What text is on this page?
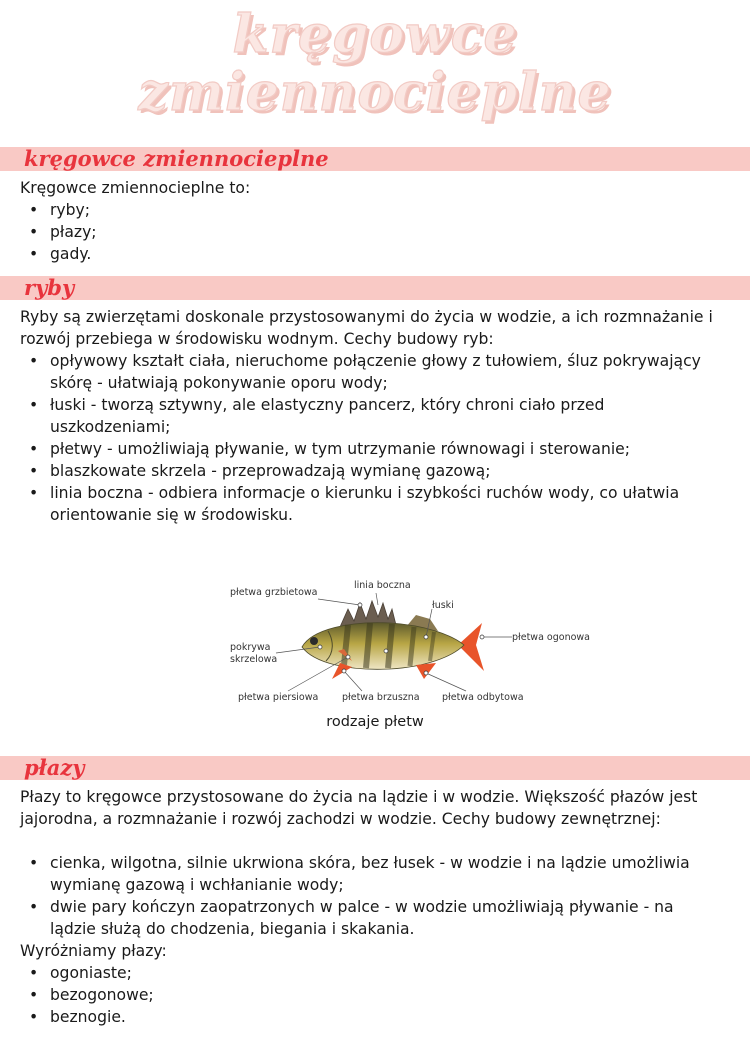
kręgowce
zmiennocieplne
kręgowce zmiennocieplne

Kręgowce zmiennocieplne to:

• ryby;
• płazy;
• gady.
ryby

Ryby są zwierzętami doskonale przystosowanymi do życia w wodzie, a ich rozmnażanie i rozwój przebiega w środowisku wodnym. Cechy budowy ryb:

• opływowy kształt ciała, nieruchome połączenie głowy z tułowiem, śluz pokrywający skórę - ułatwiają pokonywanie oporu wody;
• łuski - tworzą sztywny, ale elastyczny pancerz, który chroni ciało przed uszkodzeniami;
• płetwy - umożliwiają pływanie, w tym utrzymanie równowagi i sterowanie;
• blaszkowate skrzela - przeprowadzają wymianę gazową;
• linia boczna - odbiera informacje o kierunku i szybkości ruchów wody, co ułatwia orientowanie się w środowisku.
płetwa grzbietowa
linia boczna
łuski
płetwa ogonowa
pokrywa
skrzelowa
płetwa piersiowa płetwa brzuszna płetwa odbytowa
rodzaje płetw
płazy

Płazy to kręgowce przystosowane do życia na lądzie i w wodzie. Większość płazów jest jajorodna, a rozmnażanie i rozwój zachodzi w wodzie. Cechy budowy zewnętrznej:

• cienka, wilgotna, silnie ukrwiona skóra, bez łusek - w wodzie i na lądzie umożliwia wymianę gazową i wchłanianie wody;
• dwie pary kończyn zaopatrzonych w palce - w wodzie umożliwiają pływanie - na lądzie służą do chodzenia, biegania i skakania.

Wyróżniamy płazy:

• ogoniaste;
• bezogonowe;
• beznogie.
